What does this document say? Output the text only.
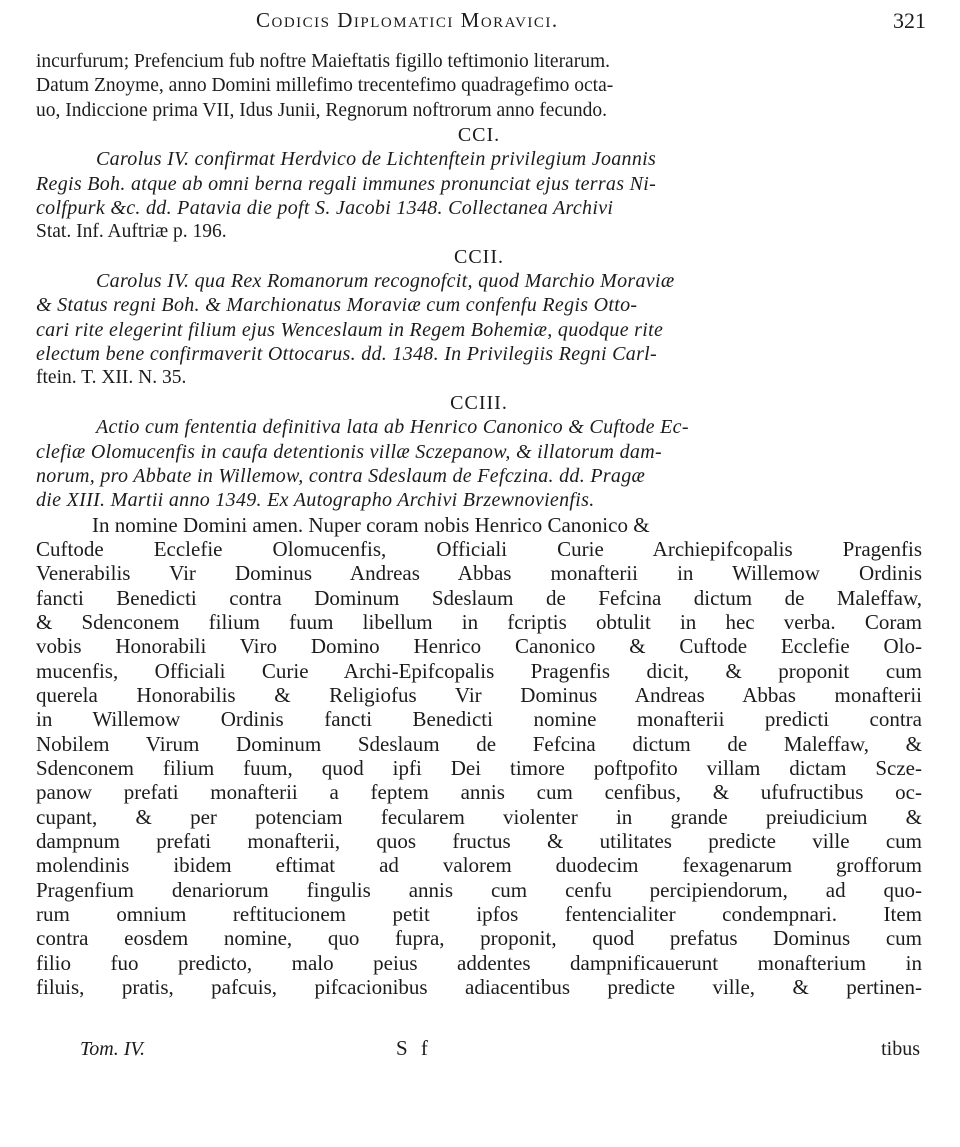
Codicis Diplomatici Moravici.	321
incurfurum; Prefencium fub noftre Maieftatis figillo teftimonio literarum.
Datum Znoyme, anno Domini millefimo trecentefimo quadragefimo octa-
uo, Indiccione prima VII, Idus Junii, Regnorum noftrorum anno fecundo.
CCI.
Carolus IV. confirmat Herdvico de Lichtenftein privilegium Joannis
Regis Boh. atque ab omni berna regali immunes pronunciat ejus terras Ni-
colfpurk &c. dd. Patavia die poft S. Jacobi 1348. Collectanea Archivi
Stat. Inf. Auftriæ p. 196.
CCII.
Carolus IV. qua Rex Romanorum recognofcit, quod Marchio Moraviæ
& Status regni Boh. & Marchionatus Moraviæ cum confenfu Regis Otto-
cari rite elegerint filium ejus Wenceslaum in Regem Bohemiæ, quodque rite
electum bene confirmaverit Ottocarus. dd. 1348. In Privilegiis Regni Carl-
ftein. T. XII. N. 35.
CCIII.
Actio cum fententia definitiva lata ab Henrico Canonico & Cuftode Ec-
clefiæ Olomucenfis in caufa detentionis villæ Sczepanow, & illatorum dam-
norum, pro Abbate in Willemow, contra Sdeslaum de Fefczina. dd. Pragæ
die XIII. Martii anno 1349. Ex Autographo Archivi Brzewnovienfis.
In nomine Domini amen. Nuper coram nobis Henrico Canonico &
Cuftode Ecclefie Olomucenfis, Officiali Curie Archiepifcopalis Pragenfis
Venerabilis Vir Dominus Andreas Abbas monafterii in Willemow Ordinis
fancti Benedicti contra Dominum Sdeslaum de Fefcina dictum de Maleffaw,
& Sdenconem filium fuum libellum in fcriptis obtulit in hec verba. Coram
vobis Honorabili Viro Domino Henrico Canonico & Cuftode Ecclefie Olo-
mucenfis, Officiali Curie Archi-Epifcopalis Pragenfis dicit, & proponit cum
querela Honorabilis & Religiofus Vir Dominus Andreas Abbas monafterii
in Willemow Ordinis fancti Benedicti nomine monafterii predicti contra
Nobilem Virum Dominum Sdeslaum de Fefcina dictum de Maleffaw, &
Sdenconem filium fuum, quod ipfi Dei timore poftpofito villam dictam Scze-
panow prefati monafterii a feptem annis cum cenfibus, & ufufructibus oc-
cupant, & per potenciam fecularem violenter in grande preiudicium &
dampnum prefati monafterii, quos fructus & utilitates predicte ville cum
molendinis ibidem eftimat ad valorem duodecim fexagenarum grofforum
Pragenfium denariorum fingulis annis cum cenfu percipiendorum, ad quo-
rum omnium reftitucionem petit ipfos fentencialiter condempnari. Item
contra eosdem nomine, quo fupra, proponit, quod prefatus Dominus cum
filio fuo predicto, malo peius addentes dampnificauerunt monafterium in
filuis, pratis, pafcuis, pifcacionibus adiacentibus predicte ville, & pertinen-
Tom. IV.	S f	tibus
